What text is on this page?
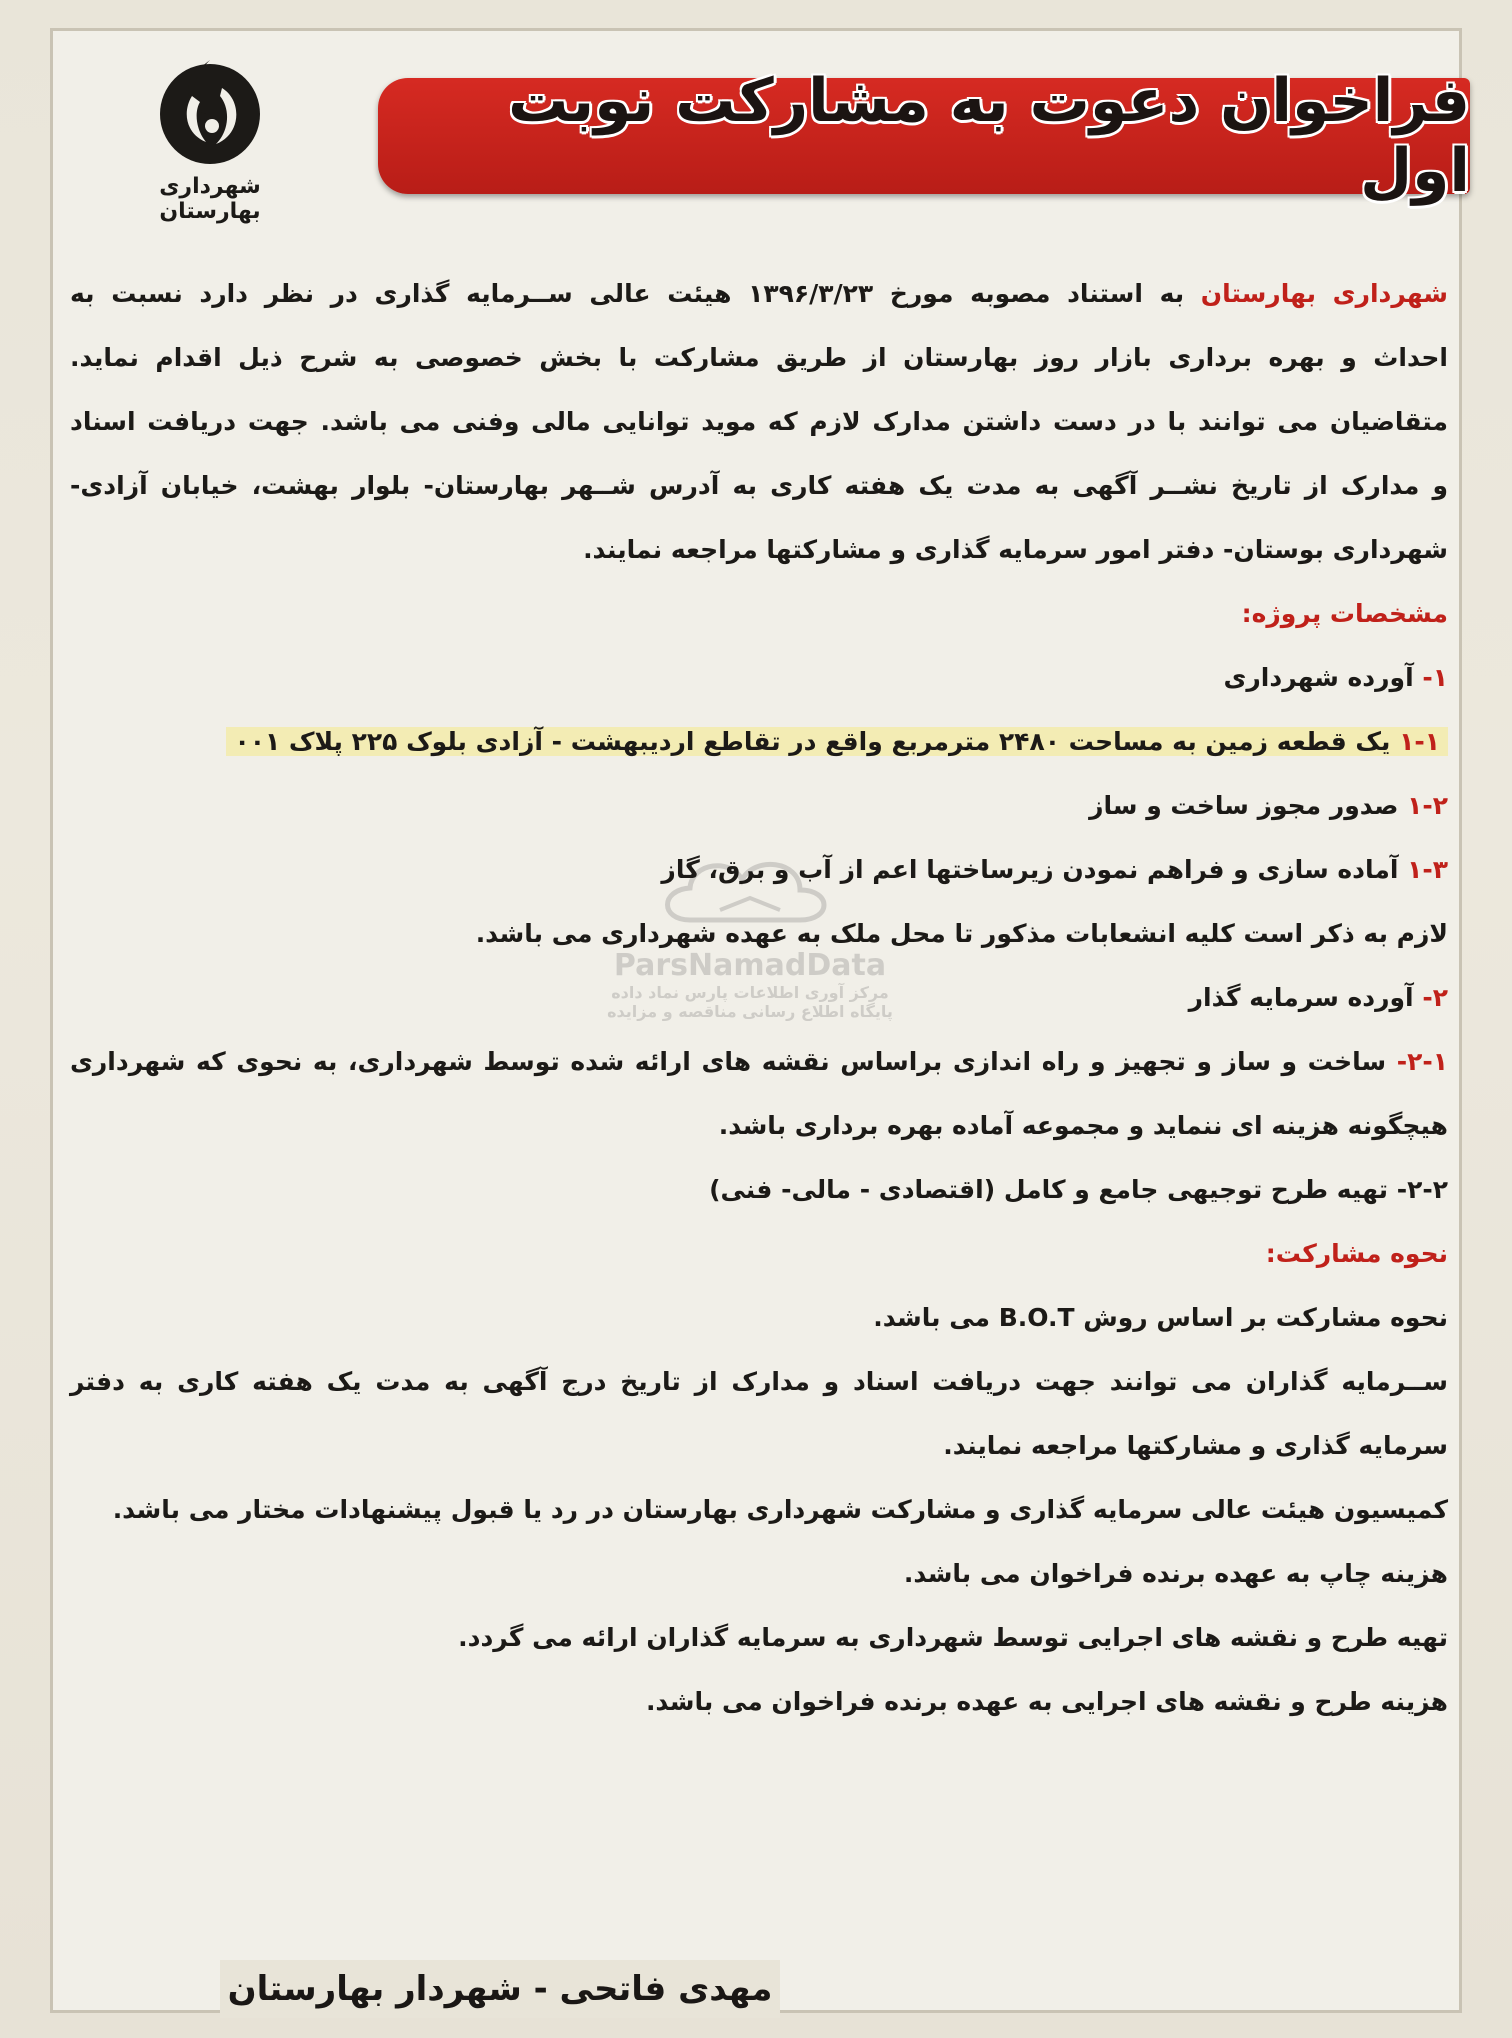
شهرداری بهارستان
فراخوان دعوت به مشارکت نوبت اول
ParsNamadData
مرکز آوری اطلاعات پارس نماد داده
پایگاه اطلاع رسانی مناقصه و مزایده
شهرداری بهارستان به استناد مصوبه مورخ ۱۳۹۶/۳/۲۳ هیئت عالی ســرمایه گذاری در نظر دارد نسبت به
احداث و بهره برداری بازار روز بهارستان از طریق مشارکت با بخش خصوصی به شرح ذیل اقدام نماید.
متقاضیان می توانند با در دست داشتن مدارک لازم که موید توانایی مالی وفنی می باشد. جهت دریافت اسناد
و مدارک از تاریخ نشــر آگهی به مدت یک هفته کاری به آدرس شــهر بهارستان- بلوار بهشت، خیابان آزادی-
شهرداری بوستان- دفتر امور سرمایه گذاری و مشارکتها مراجعه نمایند.
مشخصات پروژه:
۱- آورده شهرداری
۱-۱ یک قطعه زمین به مساحت ۲۴۸۰ مترمربع واقع در تقاطع اردیبهشت - آزادی بلوک ۲۲۵ پلاک ۰۰۱
۱-۲ صدور مجوز ساخت و ساز
۱-۳ آماده سازی و فراهم نمودن زیرساختها اعم از آب و برق، گاز
لازم به ذکر است کلیه انشعابات مذکور تا محل ملک به عهده شهرداری می باشد.
۲- آورده سرمایه گذار
۲-۱- ساخت و ساز و تجهیز و راه اندازی براساس نقشه های ارائه شده توسط شهرداری، به نحوی که شهرداری
هیچگونه هزینه ای ننماید و مجموعه آماده بهره برداری باشد.
۲-۲- تهیه طرح توجیهی جامع و کامل (اقتصادی - مالی- فنی)
نحوه مشارکت:
نحوه مشارکت بر اساس روش B.O.T می باشد.
ســرمایه گذاران می توانند جهت دریافت اسناد و مدارک از تاریخ درج آگهی به مدت یک هفته کاری به دفتر
سرمایه گذاری و مشارکتها مراجعه نمایند.
کمیسیون هیئت عالی سرمایه گذاری و مشارکت شهرداری بهارستان در رد یا قبول پیشنهادات مختار می باشد.
هزینه چاپ به عهده برنده فراخوان می باشد.
تهیه طرح و نقشه های اجرایی توسط شهرداری به سرمایه گذاران ارائه می گردد.
هزینه طرح و نقشه های اجرایی به عهده برنده فراخوان می باشد.
مهدی فاتحی - شهردار بهارستان
